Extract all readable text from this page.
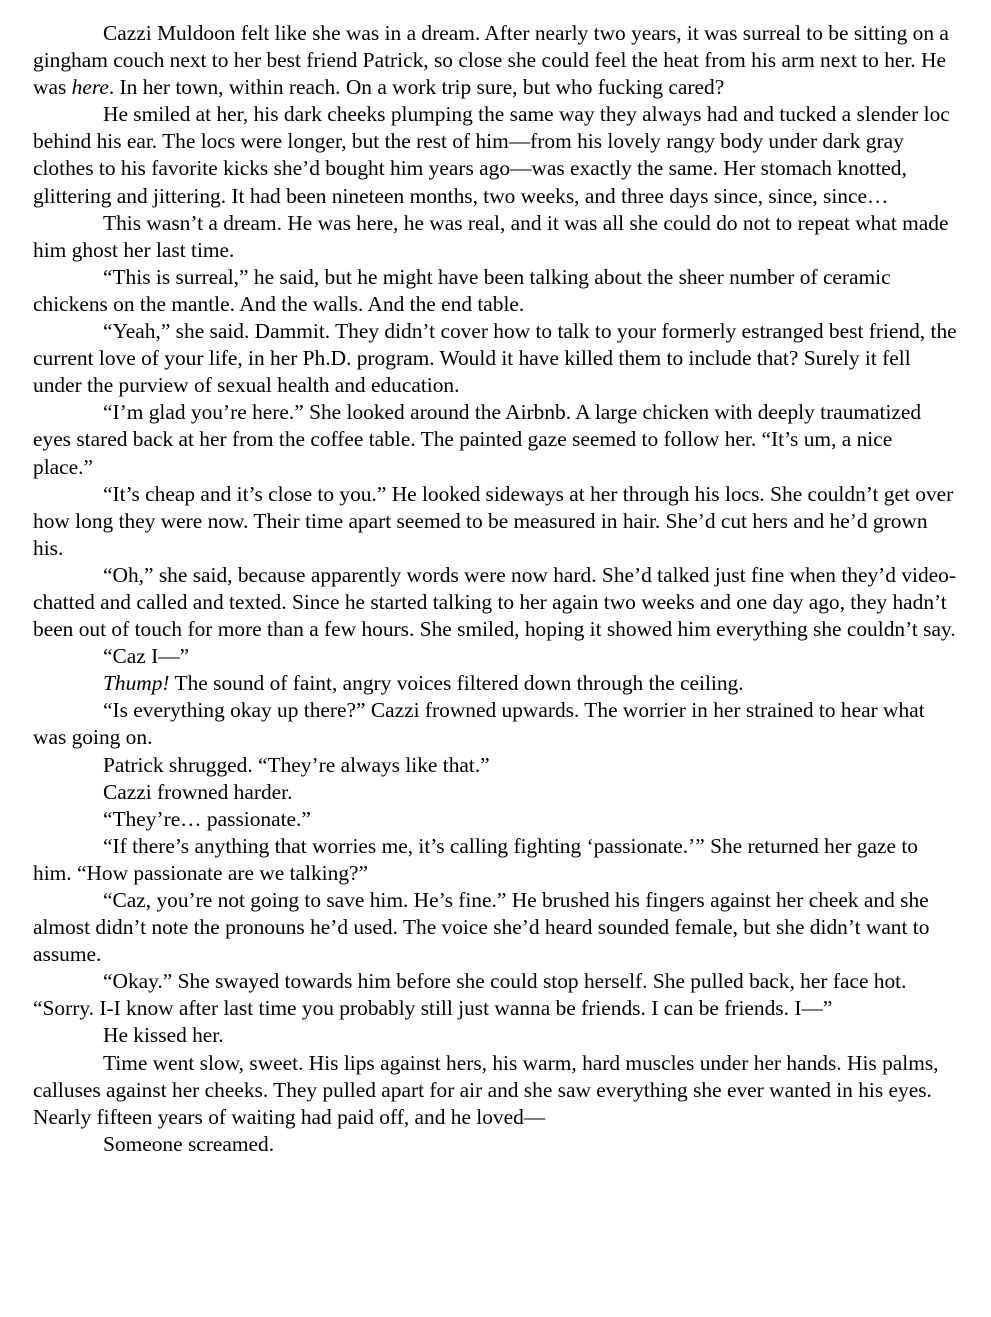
Cazzi Muldoon felt like she was in a dream. After nearly two years, it was surreal to be sitting on a gingham couch next to her best friend Patrick, so close she could feel the heat from his arm next to her. He was here. In her town, within reach. On a work trip sure, but who fucking cared?

He smiled at her, his dark cheeks plumping the same way they always had and tucked a slender loc behind his ear. The locs were longer, but the rest of him—from his lovely rangy body under dark gray clothes to his favorite kicks she’d bought him years ago—was exactly the same. Her stomach knotted, glittering and jittering. It had been nineteen months, two weeks, and three days since, since, since…

This wasn’t a dream. He was here, he was real, and it was all she could do not to repeat what made him ghost her last time.

“This is surreal,” he said, but he might have been talking about the sheer number of ceramic chickens on the mantle. And the walls. And the end table.

“Yeah,” she said. Dammit. They didn’t cover how to talk to your formerly estranged best friend, the current love of your life, in her Ph.D. program. Would it have killed them to include that? Surely it fell under the purview of sexual health and education.

“I’m glad you’re here.” She looked around the Airbnb. A large chicken with deeply traumatized eyes stared back at her from the coffee table. The painted gaze seemed to follow her. “It’s um, a nice place.”

“It’s cheap and it’s close to you.” He looked sideways at her through his locs. She couldn’t get over how long they were now. Their time apart seemed to be measured in hair. She’d cut hers and he’d grown his.

“Oh,” she said, because apparently words were now hard. She’d talked just fine when they’d video-chatted and called and texted. Since he started talking to her again two weeks and one day ago, they hadn’t been out of touch for more than a few hours. She smiled, hoping it showed him everything she couldn’t say.

“Caz I—”

Thump! The sound of faint, angry voices filtered down through the ceiling.

“Is everything okay up there?” Cazzi frowned upwards. The worrier in her strained to hear what was going on.

Patrick shrugged. “They’re always like that.”

Cazzi frowned harder.

“They’re… passionate.”

“If there’s anything that worries me, it’s calling fighting ‘passionate.’” She returned her gaze to him. “How passionate are we talking?”

“Caz, you’re not going to save him. He’s fine.” He brushed his fingers against her cheek and she almost didn’t note the pronouns he’d used. The voice she’d heard sounded female, but she didn’t want to assume.

“Okay.” She swayed towards him before she could stop herself. She pulled back, her face hot. “Sorry. I-I know after last time you probably still just wanna be friends. I can be friends. I—”

He kissed her.

Time went slow, sweet. His lips against hers, his warm, hard muscles under her hands. His palms, calluses against her cheeks. They pulled apart for air and she saw everything she ever wanted in his eyes. Nearly fifteen years of waiting had paid off, and he loved—

Someone screamed.
